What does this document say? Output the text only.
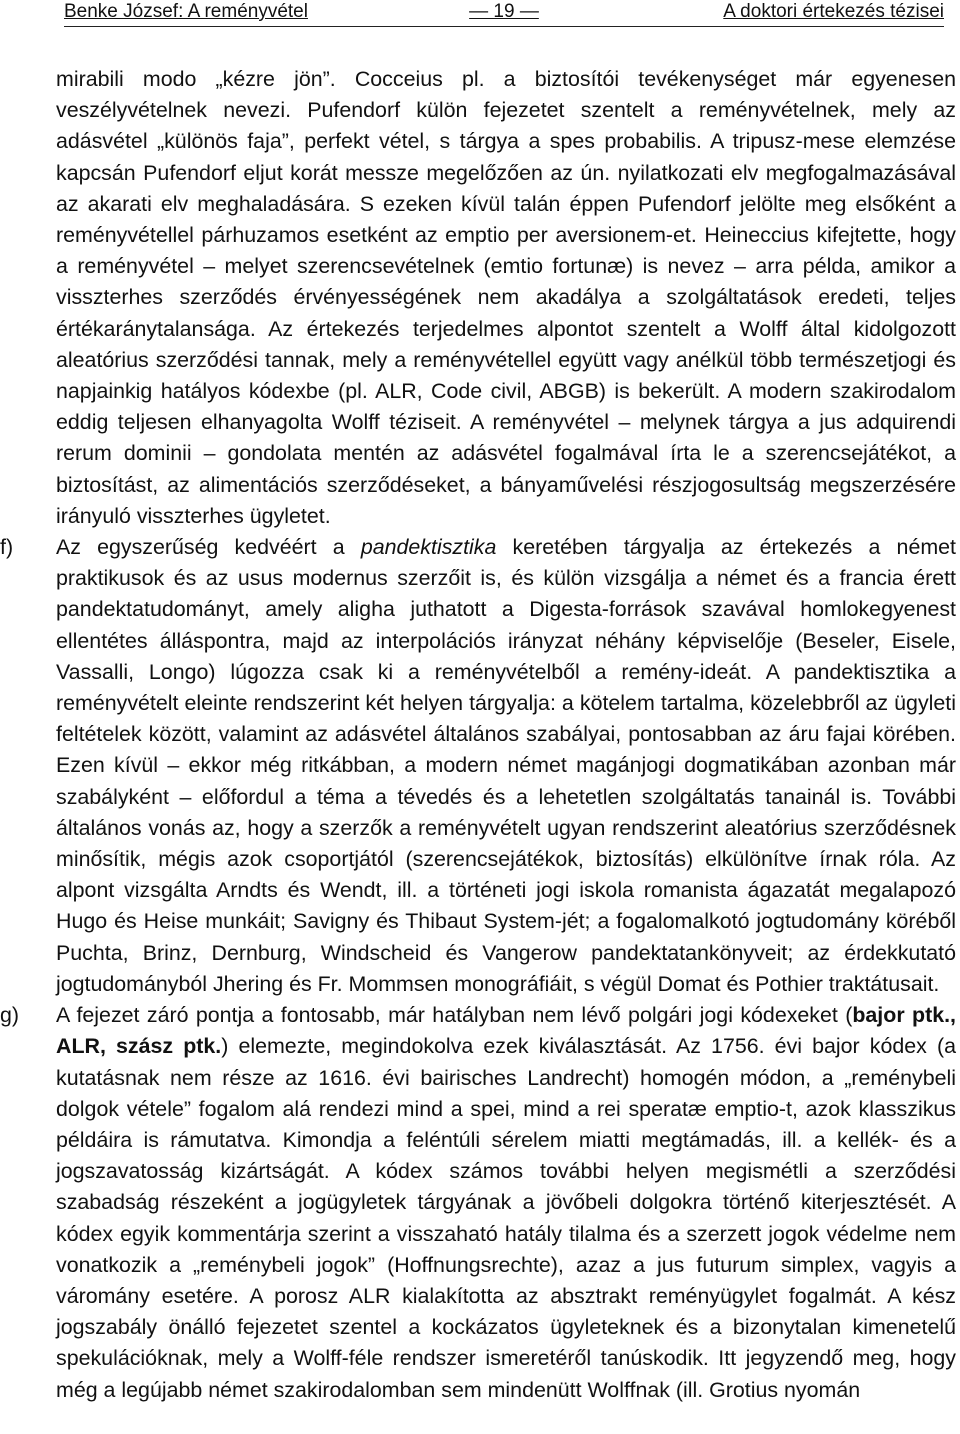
Benke József: A reményvétel	— 19 —	A doktori értekezés tézisei

mirabili modo „kézre jön”. Cocceius pl. a biztosítói tevékenységet már egyenesen veszélyvételnek nevezi. Pufendorf külön fejezetet szentelt a reményvételnek, mely az adásvétel „különös faja”, perfekt vétel, s tárgya a spes probabilis. A tripusz-mese elemzése kapcsán Pufendorf eljut korát messze megelőzően az ún. nyilatkozati elv megfogalmazásával az akarati elv meghaladására. S ezeken kívül talán éppen Pufendorf jelölte meg elsőként a reményvétellel párhuzamos esetként az emptio per aversionem-et. Heineccius kifejtette, hogy a reményvétel – melyet szerencsevételnek (emtio fortunæ) is nevez – arra példa, amikor a visszterhes szerződés érvényességének nem akadálya a szolgáltatások eredeti, teljes értékaránytalansága. Az értekezés terjedelmes alpontot szentelt a Wolff által kidolgozott aleatórius szerződési tannak, mely a reményvétellel együtt vagy anélkül több természetjogi és napjainkig hatályos kódexbe (pl. ALR, Code civil, ABGB) is bekerült. A modern szakirodalom eddig teljesen elhanyagolta Wolff téziseit. A reményvétel – melynek tárgya a jus adquirendi rerum dominii – gondolata mentén az adásvétel fogalmával írta le a szerencsejátékot, a biztosítást, az alimentációs szerződéseket, a bányaművelési részjogosultság megszerzésére irányuló visszterhes ügyletet.

f) Az egyszerűség kedvéért a pandektisztika keretében tárgyalja az értekezés a német praktikusok és az usus modernus szerzőit is, és külön vizsgálja a német és a francia érett pandektatudományt, amely aligha juthatott a Digesta-források szavával homlokegyenest ellentétes álláspontra, majd az interpolációs irányzat néhány képviselője (Beseler, Eisele, Vassalli, Longo) lúgozza csak ki a reményvételből a remény-ideát. A pandektisztika a reményvételt eleinte rendszerint két helyen tárgyalja: a kötelem tartalma, közelebbről az ügyleti feltételek között, valamint az adásvétel általános szabályai, pontosabban az áru fajai körében. Ezen kívül – ekkor még ritkábban, a modern német magánjogi dogmatikában azonban már szabályként – előfordul a téma a tévedés és a lehetetlen szolgáltatás tanainál is. További általános vonás az, hogy a szerzők a reményvételt ugyan rendszerint aleatórius szerződésnek minősítik, mégis azok csoportjától (szerencsejátékok, biztosítás) elkülönítve írnak róla. Az alpont vizsgálta Arndts és Wendt, ill. a történeti jogi iskola romanista ágazatát megalapozó Hugo és Heise munkáit; Savigny és Thibaut System-jét; a fogalomalkotó jogtudomány köréből Puchta, Brinz, Dernburg, Windscheid és Vangerow pandektatankönyveit; az érdekkutató jogtudományból Jhering és Fr. Mommsen monográfiáit, s végül Domat és Pothier traktátusait.

g) A fejezet záró pontja a fontosabb, már hatályban nem lévő polgári jogi kódexeket (bajor ptk., ALR, szász ptk.) elemezte, megindokolva ezek kiválasztását. Az 1756. évi bajor kódex (a kutatásnak nem része az 1616. évi bairisches Landrecht) homogén módon, a „reménybeli dolgok vétele” fogalom alá rendezi mind a spei, mind a rei speratæ emptio-t, azok klasszikus példáira is rámutatva. Kimondja a feléntúli sérelem miatti megtámadás, ill. a kellék- és a jogszavatosság kizártságát. A kódex számos további helyen megismétli a szerződési szabadság részeként a jogügyletek tárgyának a jövőbeli dolgokra történő kiterjesztését. A kódex egyik kommentárja szerint a visszaható hatály tilalma és a szerzett jogok védelme nem vonatkozik a „reménybeli jogok” (Hoffnungsrechte), azaz a jus futurum simplex, vagyis a váromány esetére. A porosz ALR kialakította az absztrakt reményügylet fogalmát. A kész jogszabály önálló fejezetet szentel a kockázatos ügyleteknek és a bizonytalan kimenetelű spekulációknak, mely a Wolff-féle rendszer ismeretéről tanúskodik. Itt jegyzendő meg, hogy még a legújabb német szakirodalomban sem mindenütt Wolffnak (ill. Grotius nyomán
